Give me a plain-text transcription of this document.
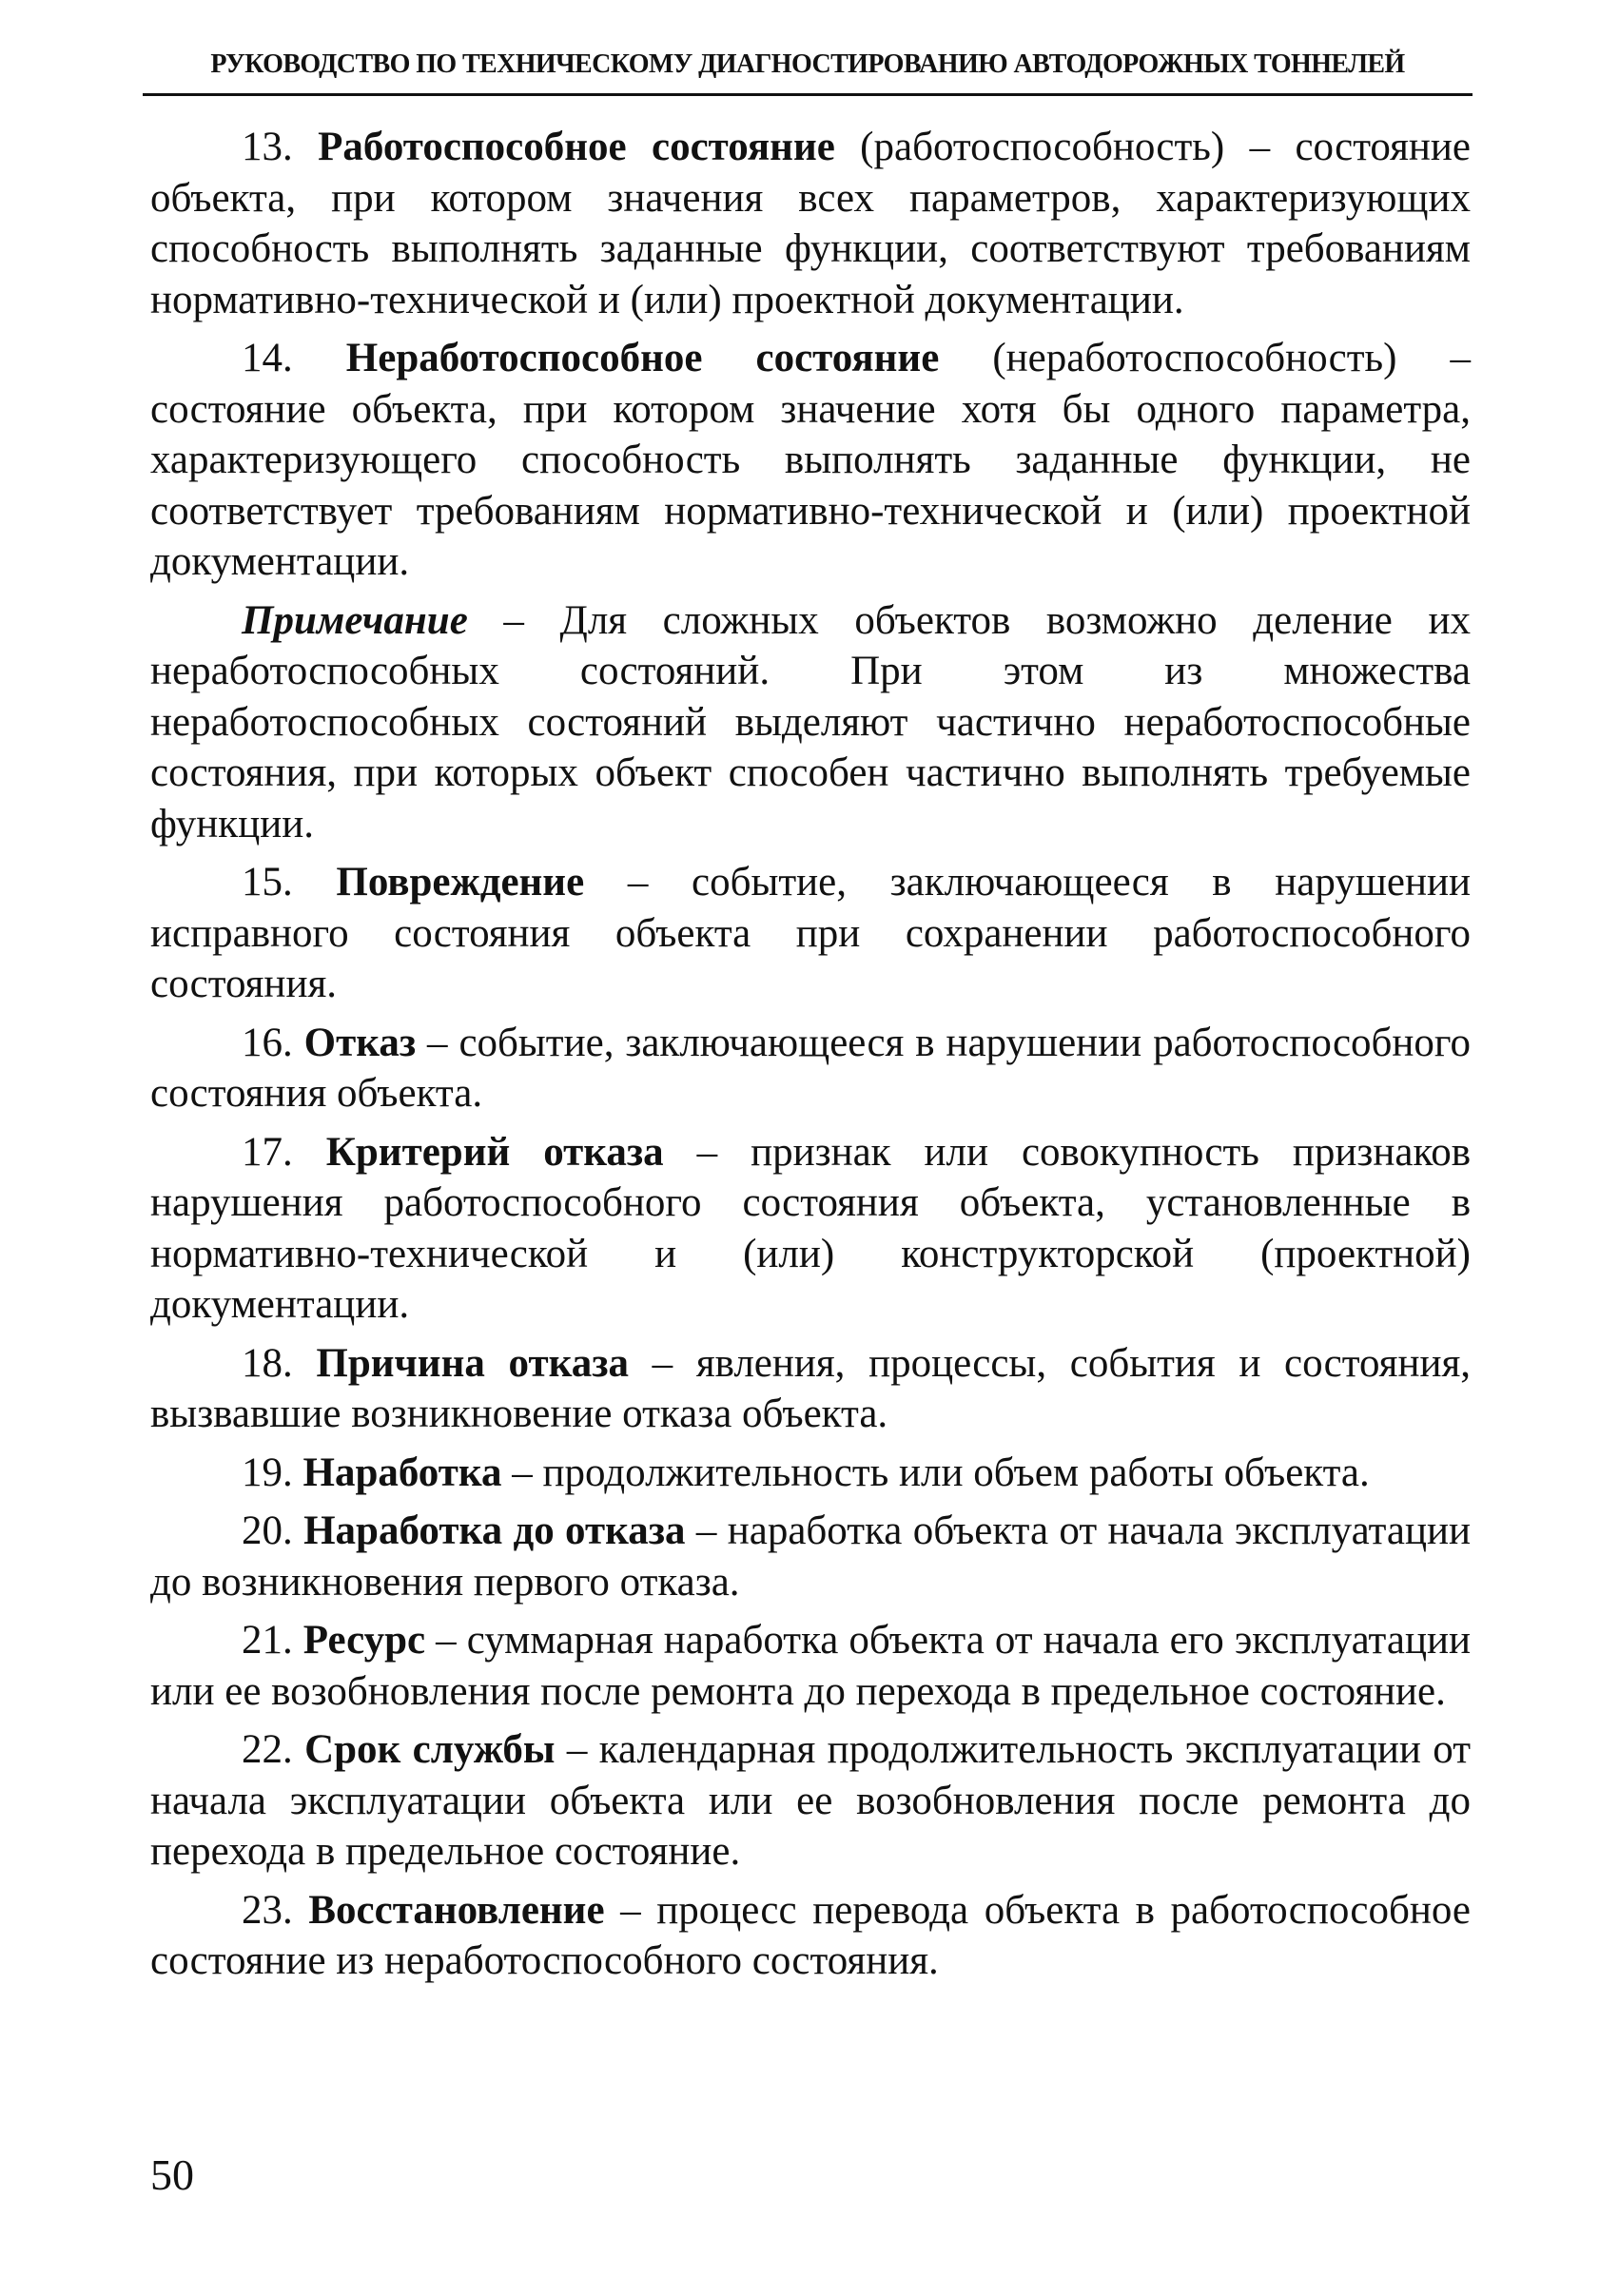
РУКОВОДСТВО ПО ТЕХНИЧЕСКОМУ ДИАГНОСТИРОВАНИЮ АВТОДОРОЖНЫХ ТОННЕЛЕЙ

13. Работоспособное состояние (работоспособность) – состояние объекта, при котором значения всех параметров, характеризующих способность выполнять заданные функции, соответствуют требованиям нормативно-технической и (или) проектной документации.

14. Неработоспособное состояние (неработоспособность) – состояние объекта, при котором значение хотя бы одного параметра, характеризующего способность выполнять заданные функции, не соответствует требованиям нормативно-технической и (или) проектной документации.

Примечание – Для сложных объектов возможно деление их неработоспособных состояний. При этом из множества неработоспособных состояний выделяют частично неработоспособные состояния, при которых объект способен частично выполнять требуемые функции.

15. Повреждение – событие, заключающееся в нарушении исправного состояния объекта при сохранении работоспособного состояния.

16. Отказ – событие, заключающееся в нарушении работоспособного состояния объекта.

17. Критерий отказа – признак или совокупность признаков нарушения работоспособного состояния объекта, установленные в нормативно-технической и (или) конструкторской (проектной) документации.

18. Причина отказа – явления, процессы, события и состояния, вызвавшие возникновение отказа объекта.

19. Наработка – продолжительность или объем работы объекта.

20. Наработка до отказа – наработка объекта от начала эксплуатации до возникновения первого отказа.

21. Ресурс – суммарная наработка объекта от начала его эксплуатации или ее возобновления после ремонта до перехода в предельное состояние.

22. Срок службы – календарная продолжительность эксплуатации от начала эксплуатации объекта или ее возобновления после ремонта до перехода в предельное состояние.

23. Восстановление – процесс перевода объекта в работоспособное состояние из неработоспособного состояния.

50
